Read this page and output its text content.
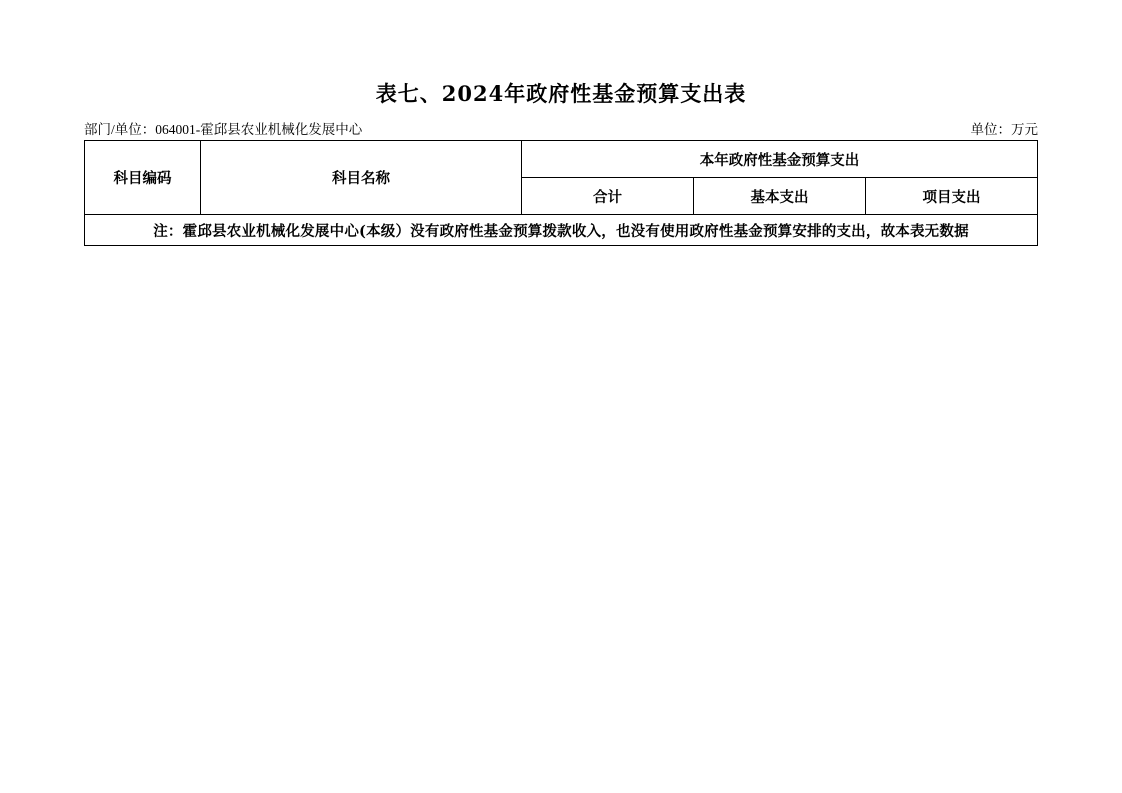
表七、2024年政府性基金预算支出表
部门/单位：064001-霍邱县农业机械化发展中心	单位：万元
科目编码	科目名称	本年政府性基金预算支出		
		合计	基本支出	项目支出
注：霍邱县农业机械化发展中心(本级）没有政府性基金预算拨款收入，也没有使用政府性基金预算安排的支出，故本表无数据				
